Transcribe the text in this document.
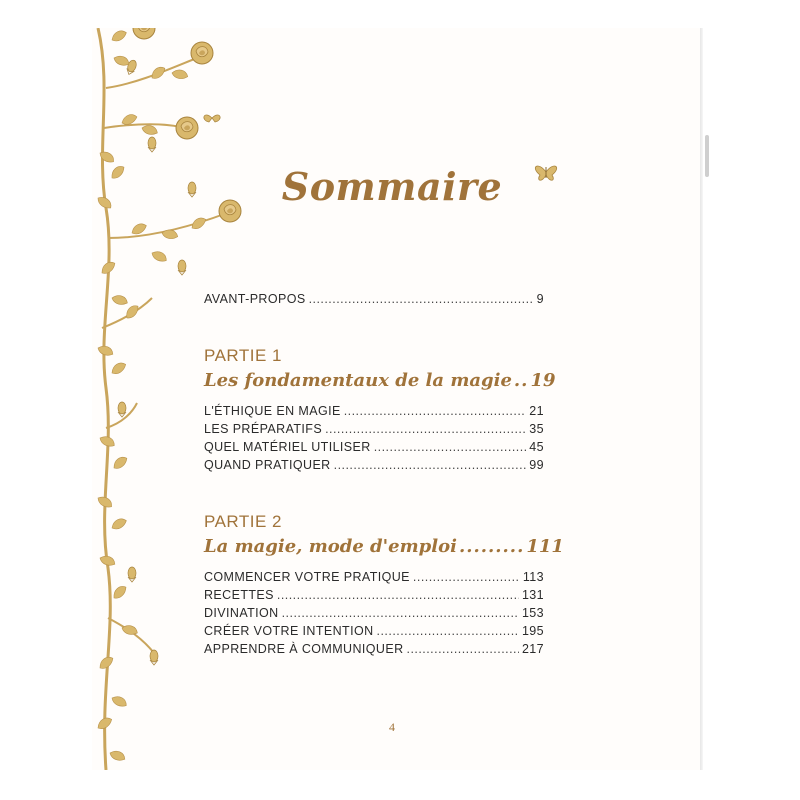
Sommaire
AVANT-PROPOS . . .	9
PARTIE 1
Les fondamentaux de la magie .. 19
L'ÉTHIQUE EN MAGIE . . .	21
LES PRÉPARATIFS . . .	35
QUEL MATÉRIEL UTILISER . . .	45
QUAND PRATIQUER . . .	99
PARTIE 2
La magie, mode d'emploi ......... 111
COMMENCER VOTRE PRATIQUE . . .	113
RECETTES . . .	131
DIVINATION . . .	153
CRÉER VOTRE INTENTION . . .	195
APPRENDRE À COMMUNIQUER . . .	217
4
